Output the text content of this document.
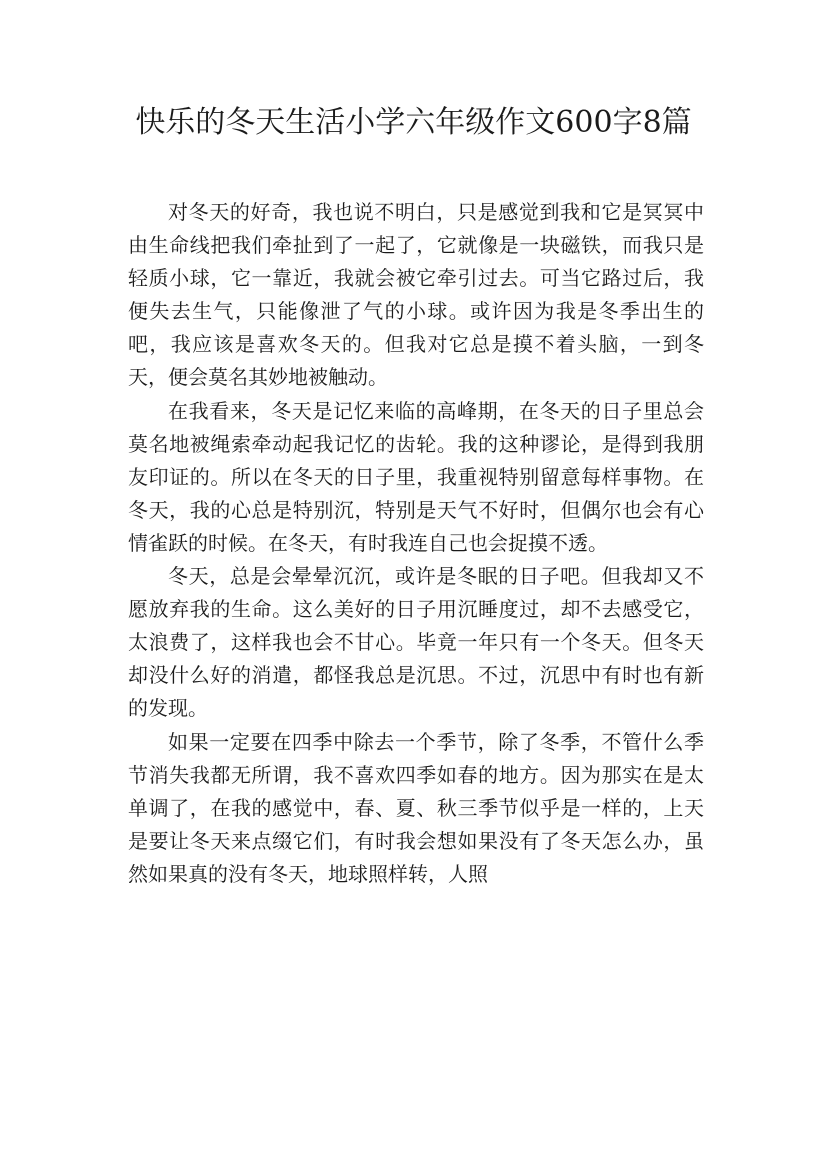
快乐的冬天生活小学六年级作文600字8篇

对冬天的好奇，我也说不明白，只是感觉到我和它是冥冥中由生命线把我们牵扯到了一起了，它就像是一块磁铁，而我只是轻质小球，它一靠近，我就会被它牵引过去。可当它路过后，我便失去生气，只能像泄了气的小球。或许因为我是冬季出生的吧，我应该是喜欢冬天的。但我对它总是摸不着头脑，一到冬天，便会莫名其妙地被触动。

在我看来，冬天是记忆来临的高峰期，在冬天的日子里总会莫名地被绳索牵动起我记忆的齿轮。我的这种谬论，是得到我朋友印证的。所以在冬天的日子里，我重视特别留意每样事物。在冬天，我的心总是特别沉，特别是天气不好时，但偶尔也会有心情雀跃的时候。在冬天，有时我连自己也会捉摸不透。

冬天，总是会晕晕沉沉，或许是冬眠的日子吧。但我却又不愿放弃我的生命。这么美好的日子用沉睡度过，却不去感受它，太浪费了，这样我也会不甘心。毕竟一年只有一个冬天。但冬天却没什么好的消遣，都怪我总是沉思。不过，沉思中有时也有新的发现。

如果一定要在四季中除去一个季节，除了冬季，不管什么季节消失我都无所谓，我不喜欢四季如春的地方。因为那实在是太单调了，在我的感觉中，春、夏、秋三季节似乎是一样的，上天是要让冬天来点缀它们，有时我会想如果没有了冬天怎么办，虽然如果真的没有冬天，地球照样转，人照
